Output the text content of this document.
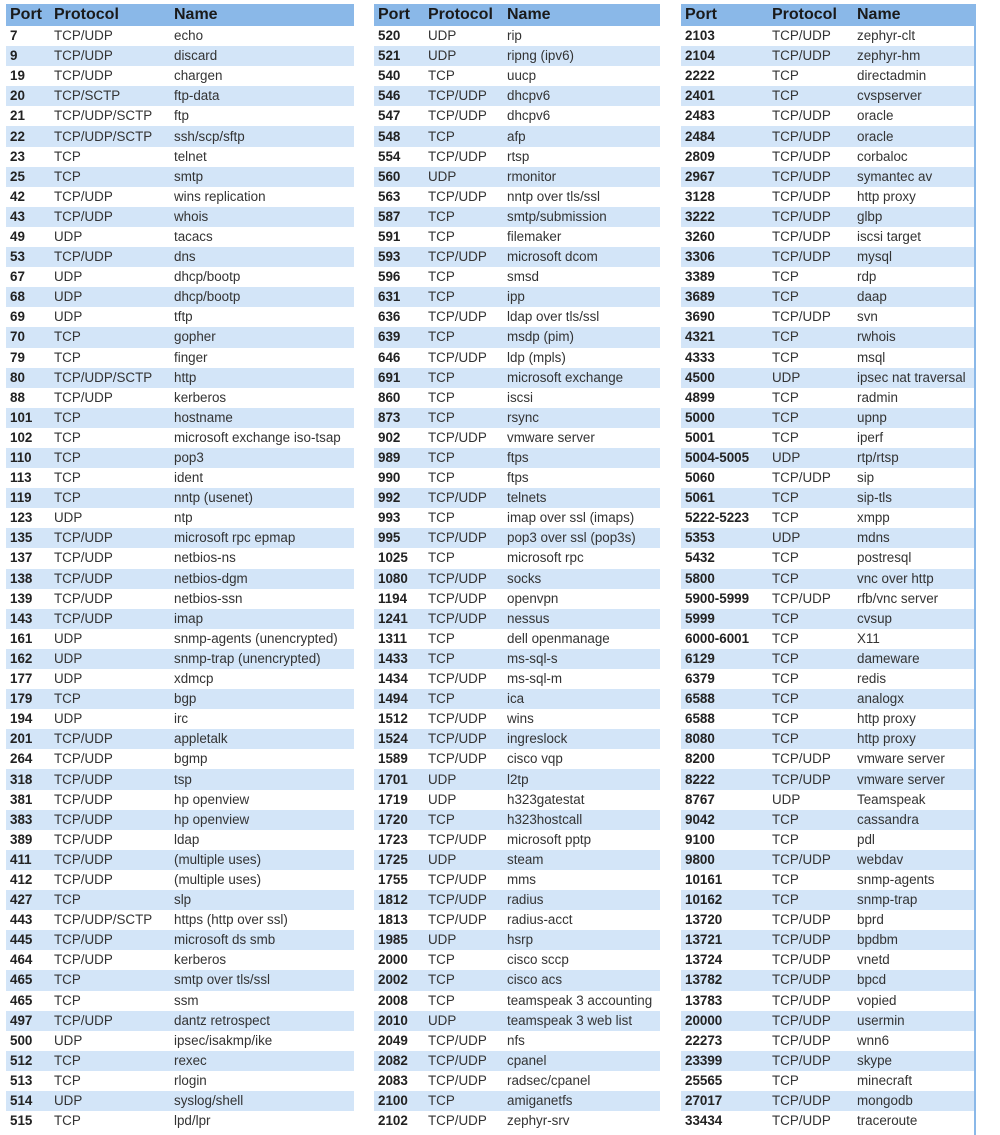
Port	Protocol	Name
7	TCP/UDP	echo
9	TCP/UDP	discard
19	TCP/UDP	chargen
20	TCP/SCTP	ftp-data
21	TCP/UDP/SCTP	ftp
22	TCP/UDP/SCTP	ssh/scp/sftp
23	TCP	telnet
25	TCP	smtp
42	TCP/UDP	wins replication
43	TCP/UDP	whois
49	UDP	tacacs
53	TCP/UDP	dns
67	UDP	dhcp/bootp
68	UDP	dhcp/bootp
69	UDP	tftp
70	TCP	gopher
79	TCP	finger
80	TCP/UDP/SCTP	http
88	TCP/UDP	kerberos
101	TCP	hostname
102	TCP	microsoft exchange iso-tsap
110	TCP	pop3
113	TCP	ident
119	TCP	nntp (usenet)
123	UDP	ntp
135	TCP/UDP	microsoft rpc epmap
137	TCP/UDP	netbios-ns
138	TCP/UDP	netbios-dgm
139	TCP/UDP	netbios-ssn
143	TCP/UDP	imap
161	UDP	snmp-agents (unencrypted)
162	UDP	snmp-trap (unencrypted)
177	UDP	xdmcp
179	TCP	bgp
194	UDP	irc
201	TCP/UDP	appletalk
264	TCP/UDP	bgmp
318	TCP/UDP	tsp
381	TCP/UDP	hp openview
383	TCP/UDP	hp openview
389	TCP/UDP	ldap
411	TCP/UDP	(multiple uses)
412	TCP/UDP	(multiple uses)
427	TCP	slp
443	TCP/UDP/SCTP	https (http over ssl)
445	TCP/UDP	microsoft ds smb
464	TCP/UDP	kerberos
465	TCP	smtp over tls/ssl
465	TCP	ssm
497	TCP/UDP	dantz retrospect
500	UDP	ipsec/isakmp/ike
512	TCP	rexec
513	TCP	rlogin
514	UDP	syslog/shell
515	TCP	lpd/lpr
Port	Protocol	Name
520	UDP	rip
521	UDP	ripng (ipv6)
540	TCP	uucp
546	TCP/UDP	dhcpv6
547	TCP/UDP	dhcpv6
548	TCP	afp
554	TCP/UDP	rtsp
560	UDP	rmonitor
563	TCP/UDP	nntp over tls/ssl
587	TCP	smtp/submission
591	TCP	filemaker
593	TCP/UDP	microsoft dcom
596	TCP	smsd
631	TCP	ipp
636	TCP/UDP	ldap over tls/ssl
639	TCP	msdp (pim)
646	TCP/UDP	ldp (mpls)
691	TCP	microsoft exchange
860	TCP	iscsi
873	TCP	rsync
902	TCP/UDP	vmware server
989	TCP	ftps
990	TCP	ftps
992	TCP/UDP	telnets
993	TCP	imap over ssl (imaps)
995	TCP/UDP	pop3 over ssl (pop3s)
1025	TCP	microsoft rpc
1080	TCP/UDP	socks
1194	TCP/UDP	openvpn
1241	TCP/UDP	nessus
1311	TCP	dell openmanage
1433	TCP	ms-sql-s
1434	TCP/UDP	ms-sql-m
1494	TCP	ica
1512	TCP/UDP	wins
1524	TCP/UDP	ingreslock
1589	TCP/UDP	cisco vqp
1701	UDP	l2tp
1719	UDP	h323gatestat
1720	TCP	h323hostcall
1723	TCP/UDP	microsoft pptp
1725	UDP	steam
1755	TCP/UDP	mms
1812	TCP/UDP	radius
1813	TCP/UDP	radius-acct
1985	UDP	hsrp
2000	TCP	cisco sccp
2002	TCP	cisco acs
2008	TCP	teamspeak 3 accounting
2010	UDP	teamspeak 3 web list
2049	TCP/UDP	nfs
2082	TCP/UDP	cpanel
2083	TCP/UDP	radsec/cpanel
2100	TCP	amiganetfs
2102	TCP/UDP	zephyr-srv
Port	Protocol	Name
2103	TCP/UDP	zephyr-clt
2104	TCP/UDP	zephyr-hm
2222	TCP	directadmin
2401	TCP	cvspserver
2483	TCP/UDP	oracle
2484	TCP/UDP	oracle
2809	TCP/UDP	corbaloc
2967	TCP/UDP	symantec av
3128	TCP/UDP	http proxy
3222	TCP/UDP	glbp
3260	TCP/UDP	iscsi target
3306	TCP/UDP	mysql
3389	TCP	rdp
3689	TCP	daap
3690	TCP/UDP	svn
4321	TCP	rwhois
4333	TCP	msql
4500	UDP	ipsec nat traversal
4899	TCP	radmin
5000	TCP	upnp
5001	TCP	iperf
5004-5005	UDP	rtp/rtsp
5060	TCP/UDP	sip
5061	TCP	sip-tls
5222-5223	TCP	xmpp
5353	UDP	mdns
5432	TCP	postresql
5800	TCP	vnc over http
5900-5999	TCP/UDP	rfb/vnc server
5999	TCP	cvsup
6000-6001	TCP	X11
6129	TCP	dameware
6379	TCP	redis
6588	TCP	analogx
6588	TCP	http proxy
8080	TCP	http proxy
8200	TCP/UDP	vmware server
8222	TCP/UDP	vmware server
8767	UDP	Teamspeak
9042	TCP	cassandra
9100	TCP	pdl
9800	TCP/UDP	webdav
10161	TCP	snmp-agents
10162	TCP	snmp-trap
13720	TCP/UDP	bprd
13721	TCP/UDP	bpdbm
13724	TCP/UDP	vnetd
13782	TCP/UDP	bpcd
13783	TCP/UDP	vopied
20000	TCP/UDP	usermin
22273	TCP/UDP	wnn6
23399	TCP/UDP	skype
25565	TCP	minecraft
27017	TCP/UDP	mongodb
33434	TCP/UDP	traceroute
